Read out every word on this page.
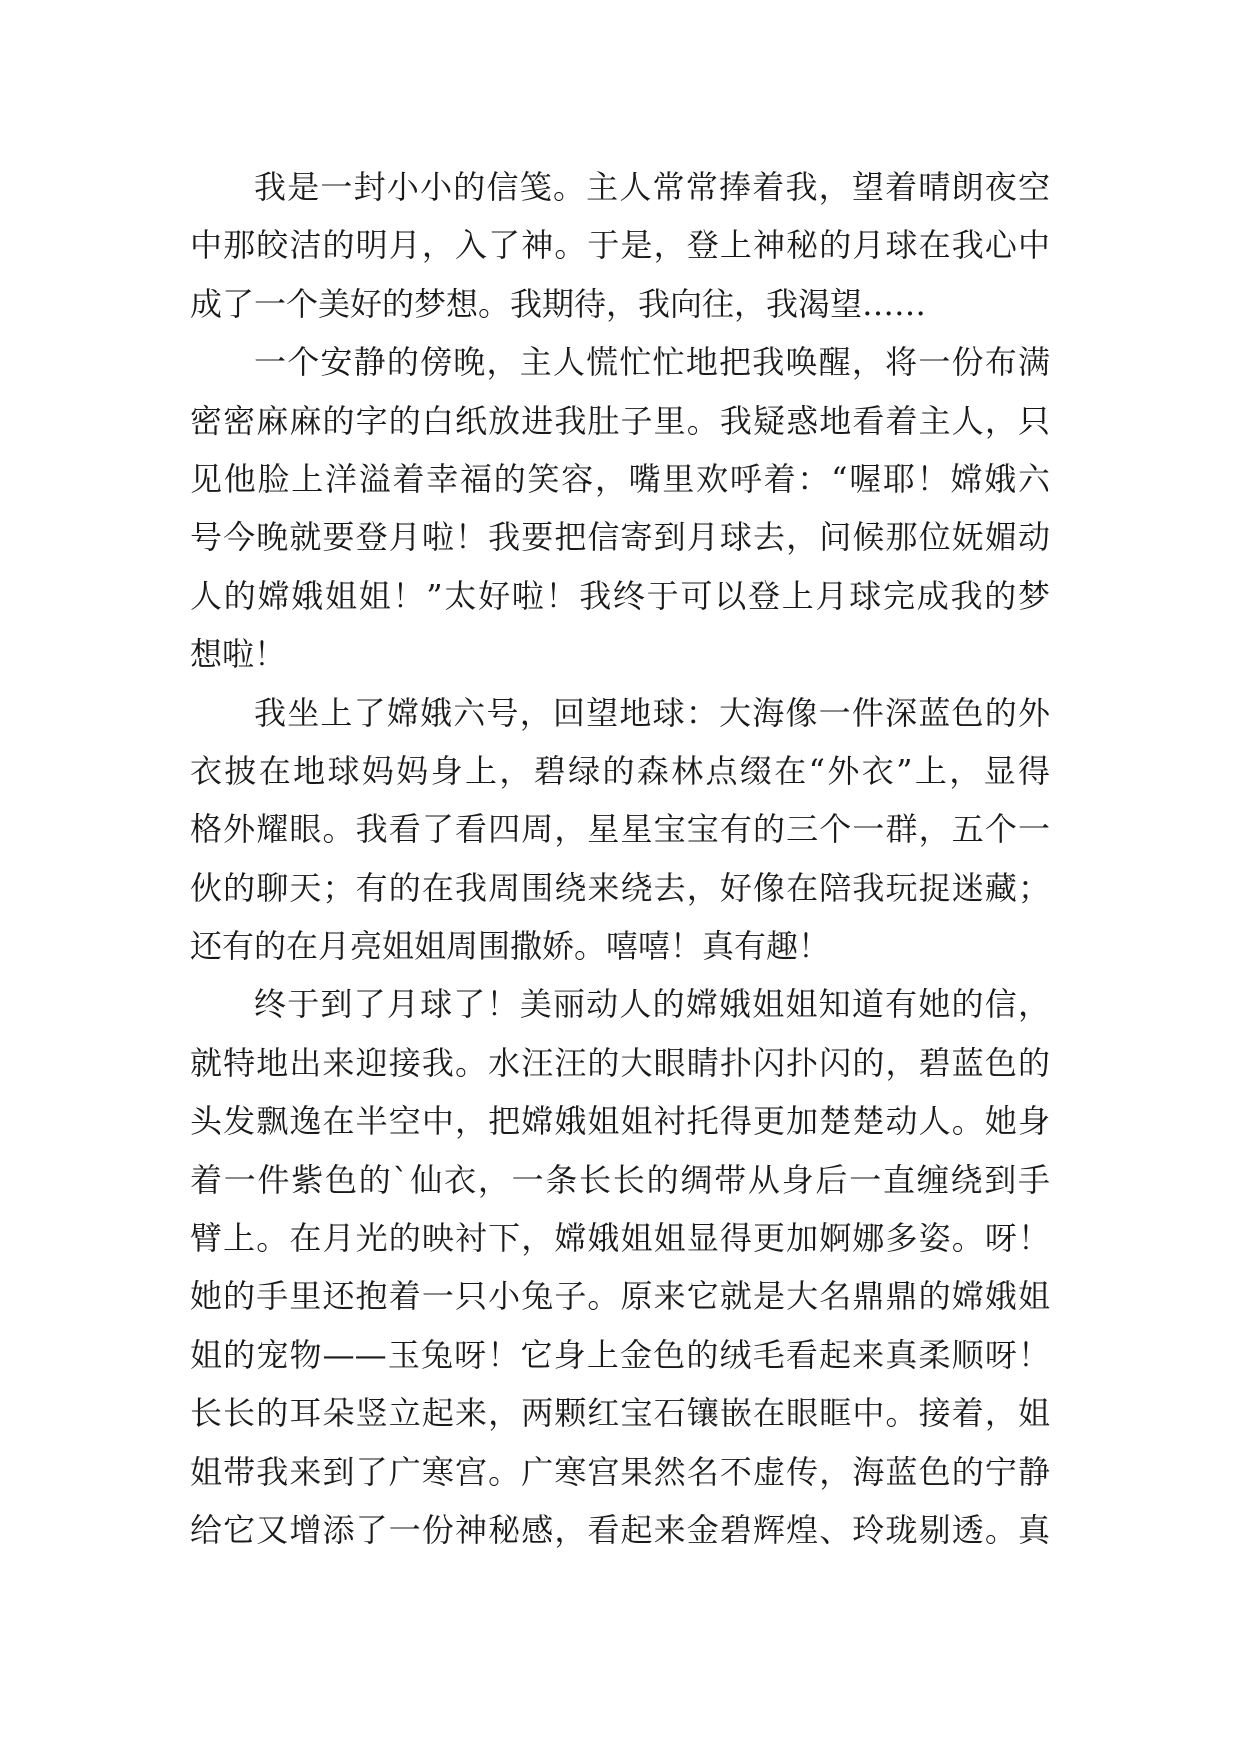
我是一封小小的信笺。主人常常捧着我，望着晴朗夜空
中那皎洁的明月，入了神。于是，登上神秘的月球在我心中
成了一个美好的梦想。我期待，我向往，我渴望……
一个安静的傍晚，主人慌忙忙地把我唤醒，将一份布满
密密麻麻的字的白纸放进我肚子里。我疑惑地看着主人，只
见他脸上洋溢着幸福的笑容，嘴里欢呼着：“喔耶！嫦娥六
号今晚就要登月啦！我要把信寄到月球去，问候那位妩媚动
人的嫦娥姐姐！”太好啦！我终于可以登上月球完成我的梦
想啦！
我坐上了嫦娥六号，回望地球：大海像一件深蓝色的外
衣披在地球妈妈身上，碧绿的森林点缀在“外衣”上，显得
格外耀眼。我看了看四周，星星宝宝有的三个一群，五个一
伙的聊天；有的在我周围绕来绕去，好像在陪我玩捉迷藏；
还有的在月亮姐姐周围撒娇。嘻嘻！真有趣！
终于到了月球了！美丽动人的嫦娥姐姐知道有她的信，
就特地出来迎接我。水汪汪的大眼睛扑闪扑闪的，碧蓝色的
头发飘逸在半空中，把嫦娥姐姐衬托得更加楚楚动人。她身
着一件紫色的`仙衣，一条长长的绸带从身后一直缠绕到手
臂上。在月光的映衬下，嫦娥姐姐显得更加婀娜多姿。呀！
她的手里还抱着一只小兔子。原来它就是大名鼎鼎的嫦娥姐
姐的宠物——玉兔呀！它身上金色的绒毛看起来真柔顺呀！
长长的耳朵竖立起来，两颗红宝石镶嵌在眼眶中。接着，姐
姐带我来到了广寒宫。广寒宫果然名不虚传，海蓝色的宁静
给它又增添了一份神秘感，看起来金碧辉煌、玲珑剔透。真
